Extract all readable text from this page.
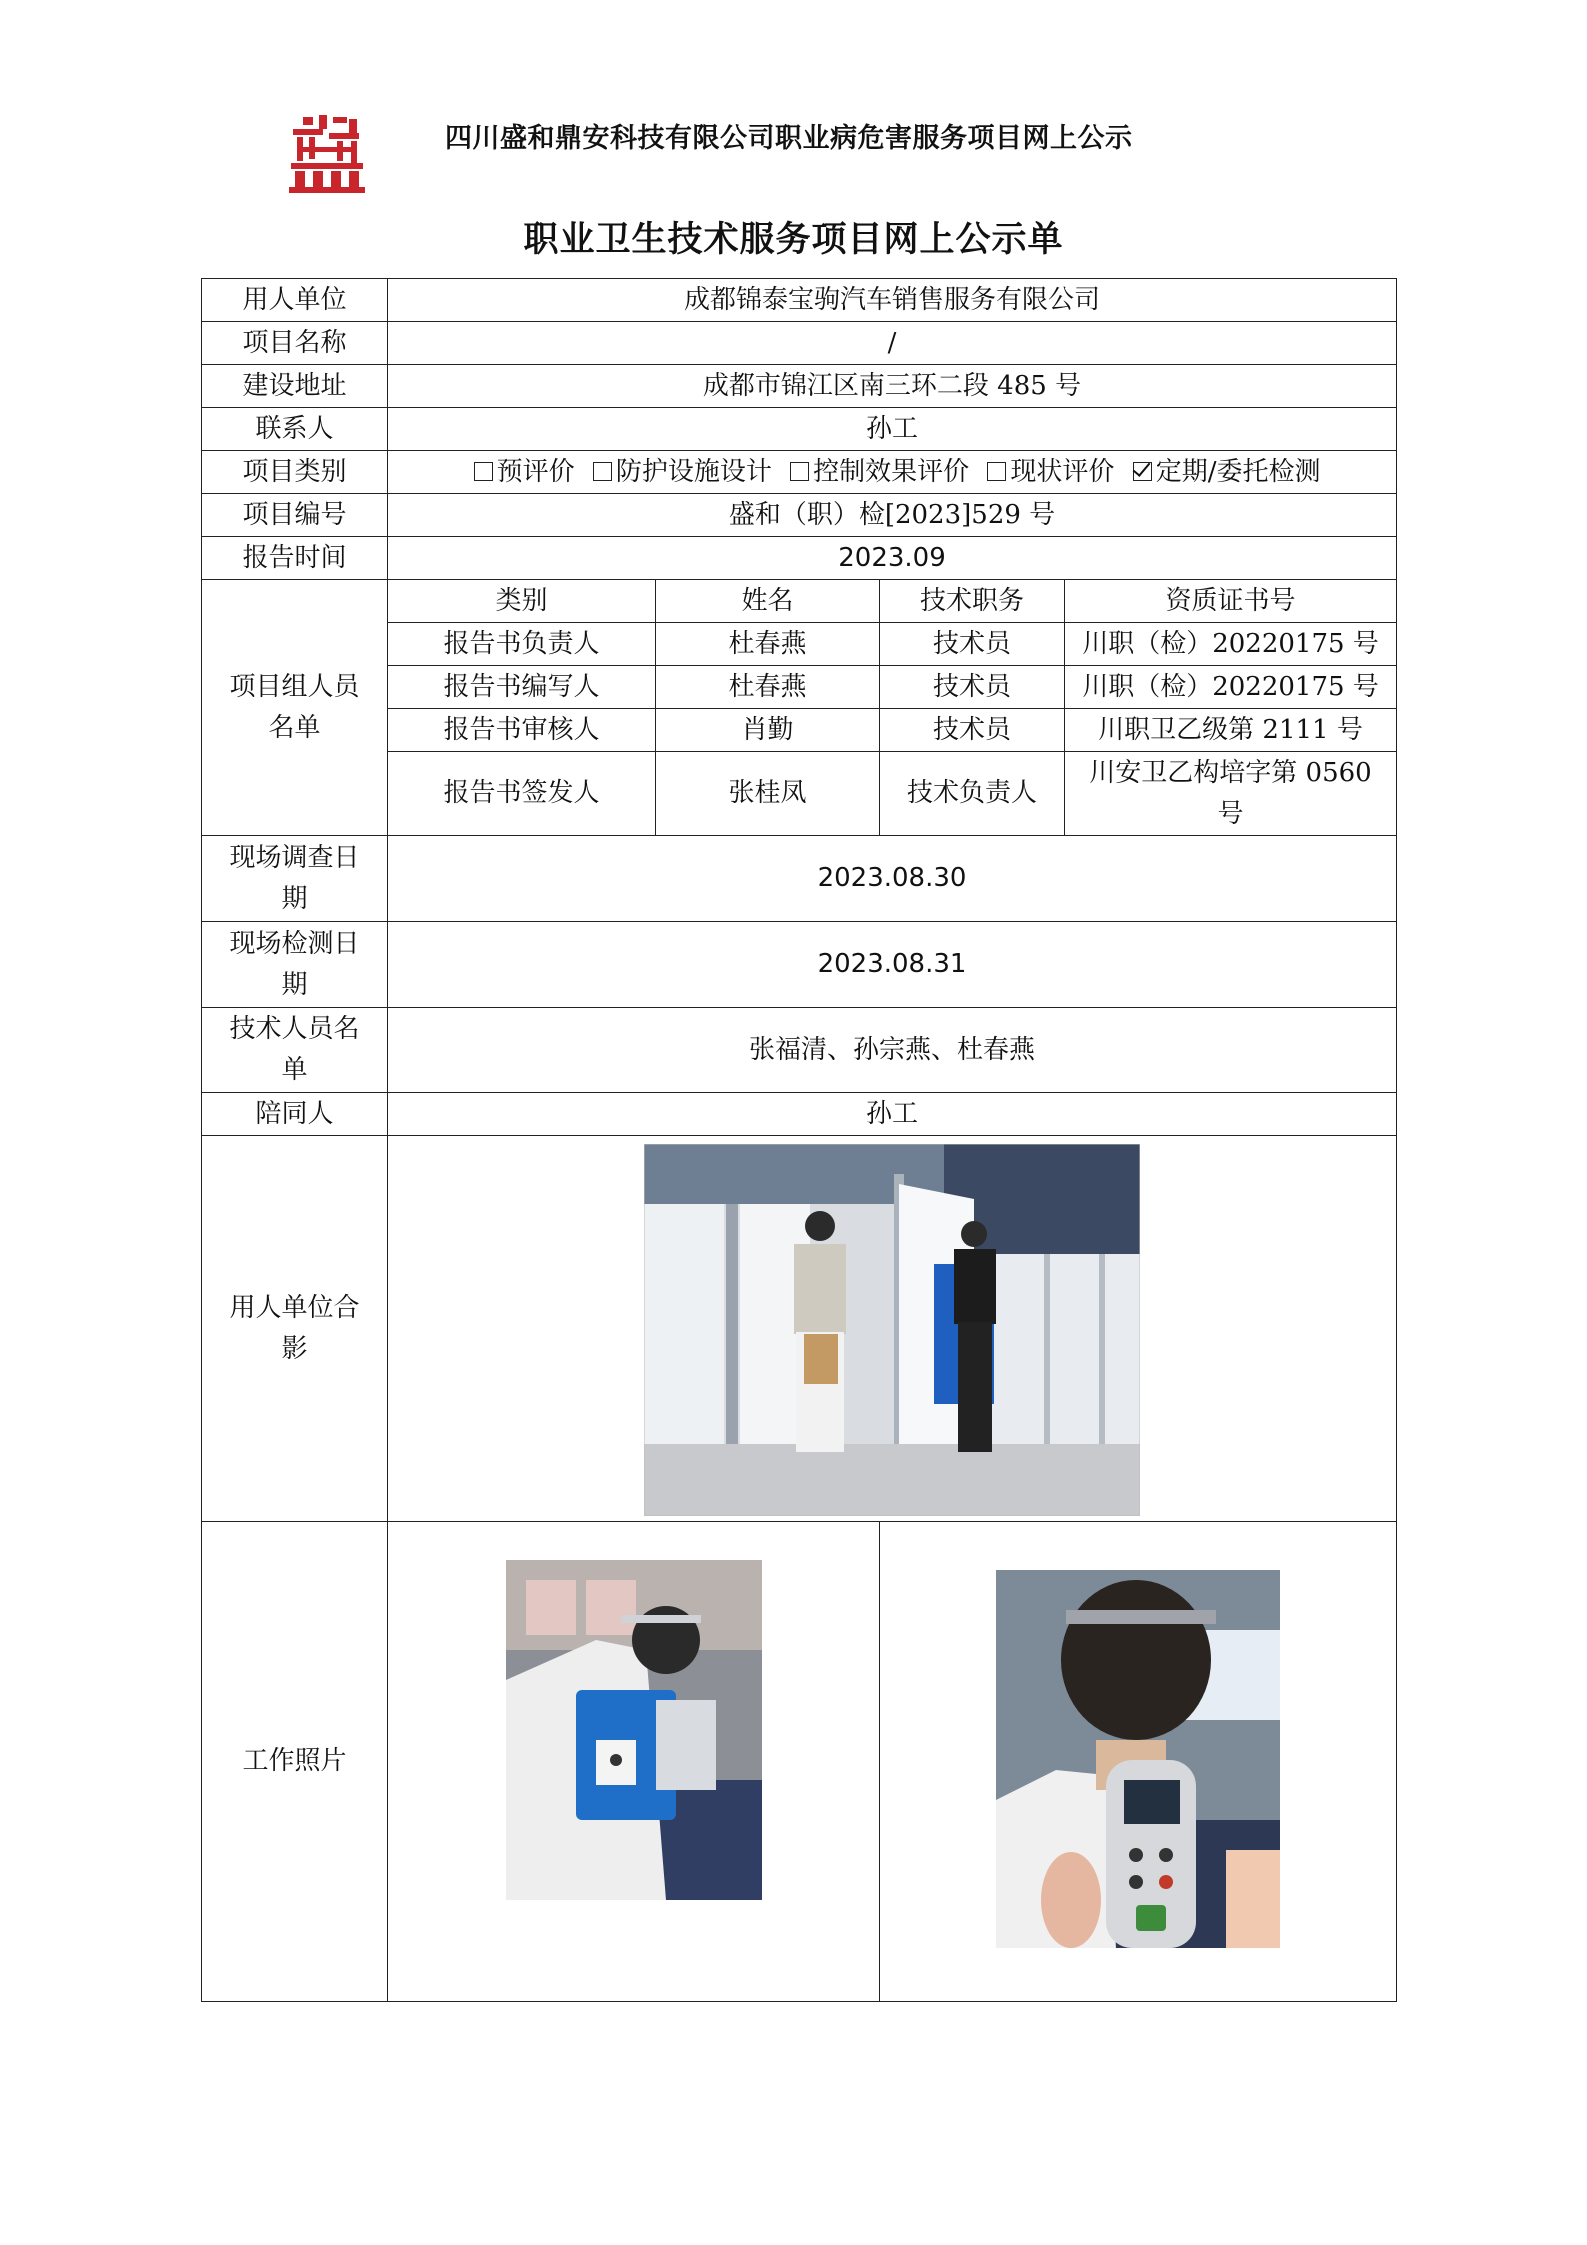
四川盛和鼎安科技有限公司职业病危害服务项目网上公示
职业卫生技术服务项目网上公示单
用人单位	成都锦泰宝驹汽车销售服务有限公司			
项目名称	/			
建设地址	成都市锦江区南三环二段 485 号			
联系人	孙工			
项目类别	预评价 防护设施设计 控制效果评价 现状评价 定期/委托检测			
项目编号	盛和（职）检[2023]529 号			
报告时间	2023.09			
项目组人员名单	类别	姓名	技术职务	资质证书号
	报告书负责人	杜春燕	技术员	川职（检）20220175 号
	报告书编写人	杜春燕	技术员	川职（检）20220175 号
	报告书审核人	肖勤	技术员	川职卫乙级第 2111 号
	报告书签发人	张桂凤	技术负责人	川安卫乙构培字第 0560 号
现场调查日期	2023.08.30			
现场检测日期	2023.08.31			
技术人员名单	张福清、孙宗燕、杜春燕			
陪同人	孙工			
用人单位合影	

工作照片	
